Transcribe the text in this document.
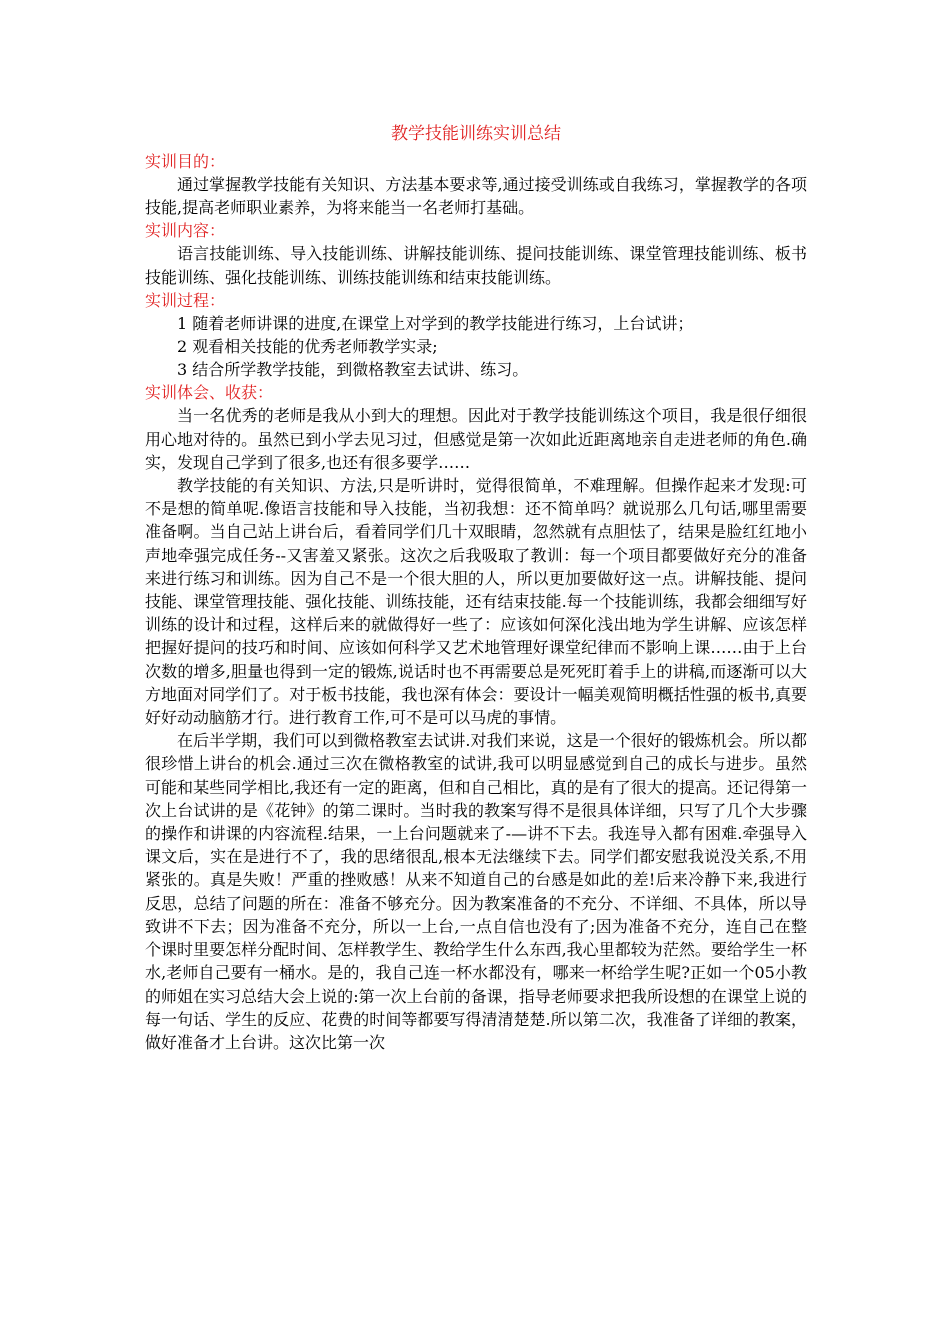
教学技能训练实训总结
实训目的：

通过掌握教学技能有关知识、方法基本要求等,通过接受训练或自我练习，掌握教学的各项技能,提高老师职业素养，为将来能当一名老师打基础。

实训内容：

语言技能训练、导入技能训练、讲解技能训练、提问技能训练、课堂管理技能训练、板书技能训练、强化技能训练、训练技能训练和结束技能训练。

实训过程：

1 随着老师讲课的进度,在课堂上对学到的教学技能进行练习，上台试讲；

2 观看相关技能的优秀老师教学实录;

3 结合所学教学技能，到微格教室去试讲、练习。

实训体会、收获：

当一名优秀的老师是我从小到大的理想。因此对于教学技能训练这个项目，我是很仔细很用心地对待的。虽然已到小学去见习过，但感觉是第一次如此近距离地亲自走进老师的角色.确实，发现自己学到了很多,也还有很多要学……

教学技能的有关知识、方法,只是听讲时，觉得很简单，不难理解。但操作起来才发现:可不是想的简单呢.像语言技能和导入技能，当初我想：还不简单吗？就说那么几句话,哪里需要准备啊。当自己站上讲台后，看着同学们几十双眼睛，忽然就有点胆怯了，结果是脸红红地小声地牵强完成任务--又害羞又紧张。这次之后我吸取了教训：每一个项目都要做好充分的准备来进行练习和训练。因为自己不是一个很大胆的人，所以更加要做好这一点。讲解技能、提问技能、课堂管理技能、强化技能、训练技能，还有结束技能.每一个技能训练，我都会细细写好训练的设计和过程，这样后来的就做得好一些了：应该如何深化浅出地为学生讲解、应该怎样把握好提问的技巧和时间、应该如何科学又艺术地管理好课堂纪律而不影响上课……由于上台次数的增多,胆量也得到一定的锻炼,说话时也不再需要总是死死盯着手上的讲稿,而逐渐可以大方地面对同学们了。对于板书技能，我也深有体会：要设计一幅美观简明概括性强的板书,真要好好动动脑筋才行。进行教育工作,可不是可以马虎的事情。

在后半学期，我们可以到微格教室去试讲.对我们来说，这是一个很好的锻炼机会。所以都很珍惜上讲台的机会.通过三次在微格教室的试讲,我可以明显感觉到自己的成长与进步。虽然可能和某些同学相比,我还有一定的距离，但和自己相比，真的是有了很大的提高。还记得第一次上台试讲的是《花钟》的第二课时。当时我的教案写得不是很具体详细，只写了几个大步骤的操作和讲课的内容流程.结果，一上台问题就来了-—讲不下去。我连导入都有困难.牵强导入课文后，实在是进行不了，我的思绪很乱,根本无法继续下去。同学们都安慰我说没关系,不用紧张的。真是失败！严重的挫败感！从来不知道自己的台感是如此的差!后来冷静下来,我进行反思，总结了问题的所在：准备不够充分。因为教案准备的不充分、不详细、不具体，所以导致讲不下去；因为准备不充分，所以一上台,一点自信也没有了;因为准备不充分，连自己在整个课时里要怎样分配时间、怎样教学生、教给学生什么东西,我心里都较为茫然。要给学生一杯水,老师自己要有一桶水。是的，我自己连一杯水都没有，哪来一杯给学生呢?正如一个05小教的师姐在实习总结大会上说的:第一次上台前的备课，指导老师要求把我所设想的在课堂上说的每一句话、学生的反应、花费的时间等都要写得清清楚楚.所以第二次，我准备了详细的教案，做好准备才上台讲。这次比第一次
